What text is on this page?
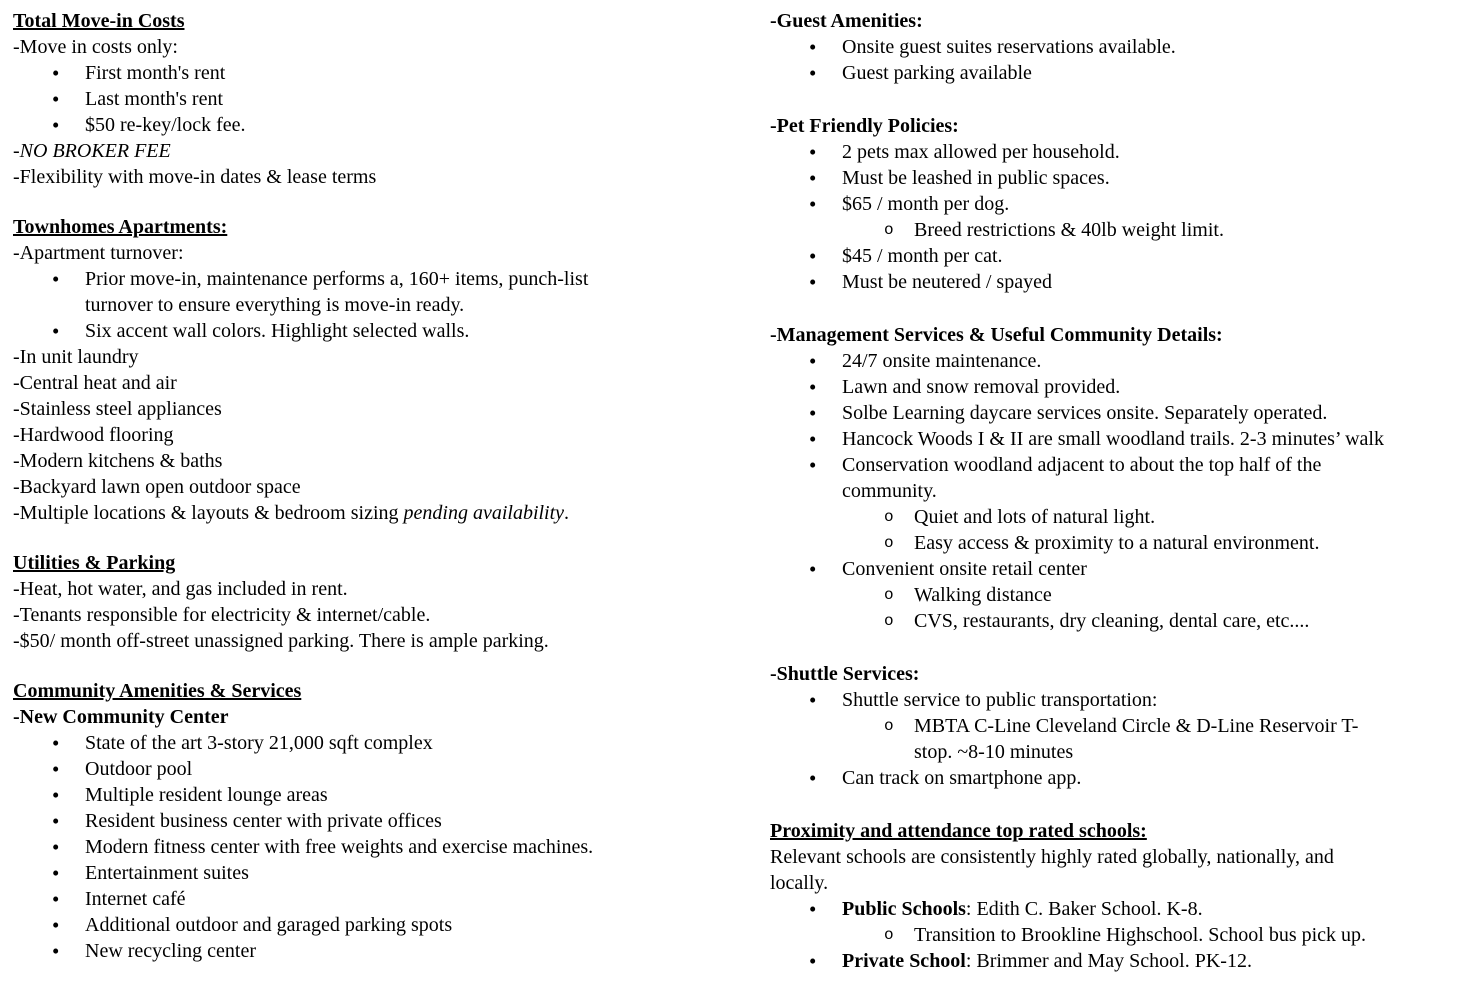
Total Move-in Costs
-Move in costs only:
• First month's rent
• Last month's rent
• $50 re-key/lock fee.
-NO BROKER FEE
-Flexibility with move-in dates & lease terms
Townhomes Apartments:
-Apartment turnover:
• Prior move-in, maintenance performs a, 160+ items, punch-list
turnover to ensure everything is move-in ready.
• Six accent wall colors. Highlight selected walls.
-In unit laundry
-Central heat and air
-Stainless steel appliances
-Hardwood flooring
-Modern kitchens & baths
-Backyard lawn open outdoor space
-Multiple locations & layouts & bedroom sizing pending availability.
Utilities & Parking
-Heat, hot water, and gas included in rent.
-Tenants responsible for electricity & internet/cable.
-$50/ month off-street unassigned parking. There is ample parking.
Community Amenities & Services
-New Community Center
• State of the art 3-story 21,000 sqft complex
• Outdoor pool
• Multiple resident lounge areas
• Resident business center with private offices
• Modern fitness center with free weights and exercise machines.
• Entertainment suites
• Internet café
• Additional outdoor and garaged parking spots
• New recycling center
-Guest Amenities:
• Onsite guest suites reservations available.
• Guest parking available
-Pet Friendly Policies:
• 2 pets max allowed per household.
• Must be leashed in public spaces.
• $65 / month per dog.
o Breed restrictions & 40lb weight limit.
• $45 / month per cat.
• Must be neutered / spayed
-Management Services & Useful Community Details:
• 24/7 onsite maintenance.
• Lawn and snow removal provided.
• Solbe Learning daycare services onsite. Separately operated.
• Hancock Woods I & II are small woodland trails. 2-3 minutes’ walk
• Conservation woodland adjacent to about the top half of the
community.
o Quiet and lots of natural light.
o Easy access & proximity to a natural environment.
• Convenient onsite retail center
o Walking distance
o CVS, restaurants, dry cleaning, dental care, etc....
-Shuttle Services:
• Shuttle service to public transportation:
o MBTA C-Line Cleveland Circle & D-Line Reservoir T-
stop. ~8-10 minutes
• Can track on smartphone app.
Proximity and attendance top rated schools:
Relevant schools are consistently highly rated globally, nationally, and
locally.
• Public Schools: Edith C. Baker School. K-8.
o Transition to Brookline Highschool. School bus pick up.
• Private School: Brimmer and May School. PK-12.
